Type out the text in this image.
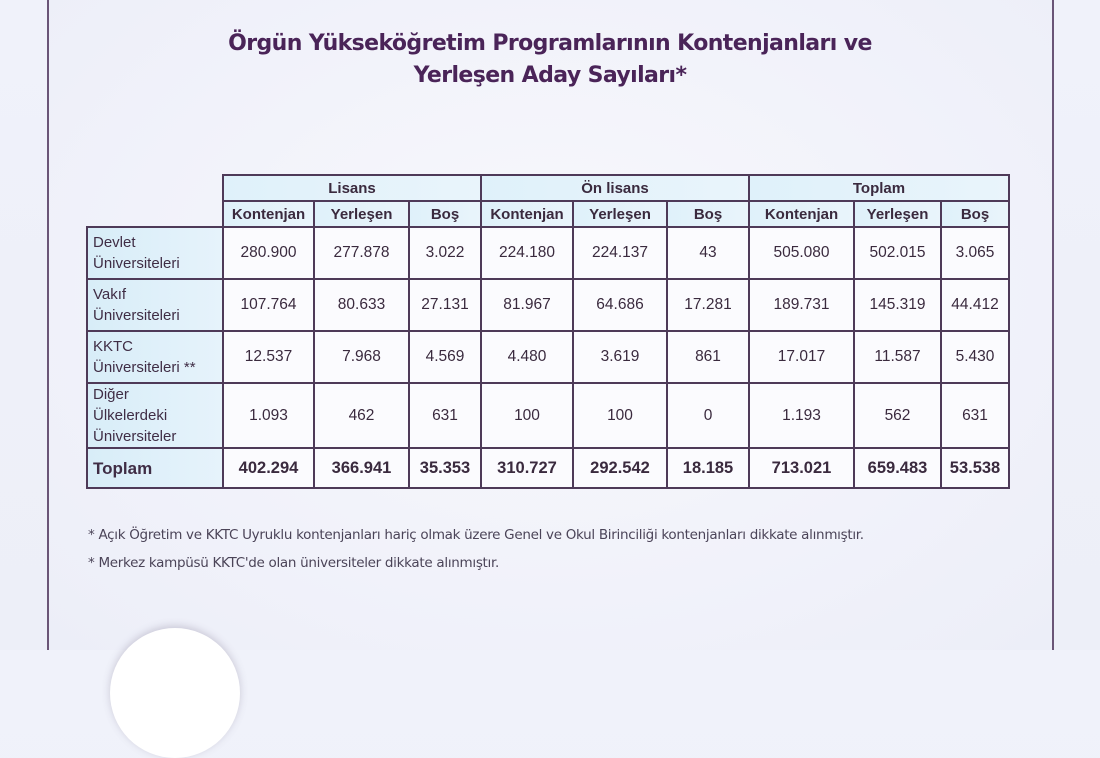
Örgün Yükseköğretim Programlarının Kontenjanları ve
Yerleşen Aday Sayıları*
	Lisans			Ön lisans			Toplam		
	Kontenjan	Yerleşen	Boş	Kontenjan	Yerleşen	Boş	Kontenjan	Yerleşen	Boş

Devlet
Üniversiteleri	280.900	277.878	3.022	224.180	224.137	43	505.080	502.015	3.065

Vakıf
Üniversiteleri	107.764	80.633	27.131	81.967	64.686	17.281	189.731	145.319	44.412

KKTC
Üniversiteleri **	12.537	7.968	4.569	4.480	3.619	861	17.017	11.587	5.430

Diğer
Ülkelerdeki
Üniversiteler	1.093	462	631	100	100	0	1.193	562	631
Toplam	402.294	366.941	35.353	310.727	292.542	18.185	713.021	659.483	53.538

* Açık Öğretim ve KKTC Uyruklu kontenjanları hariç olmak üzere Genel ve Okul Birinciliği kontenjanları dikkate alınmıştır.

* Merkez kampüsü KKTC'de olan üniversiteler dikkate alınmıştır.
